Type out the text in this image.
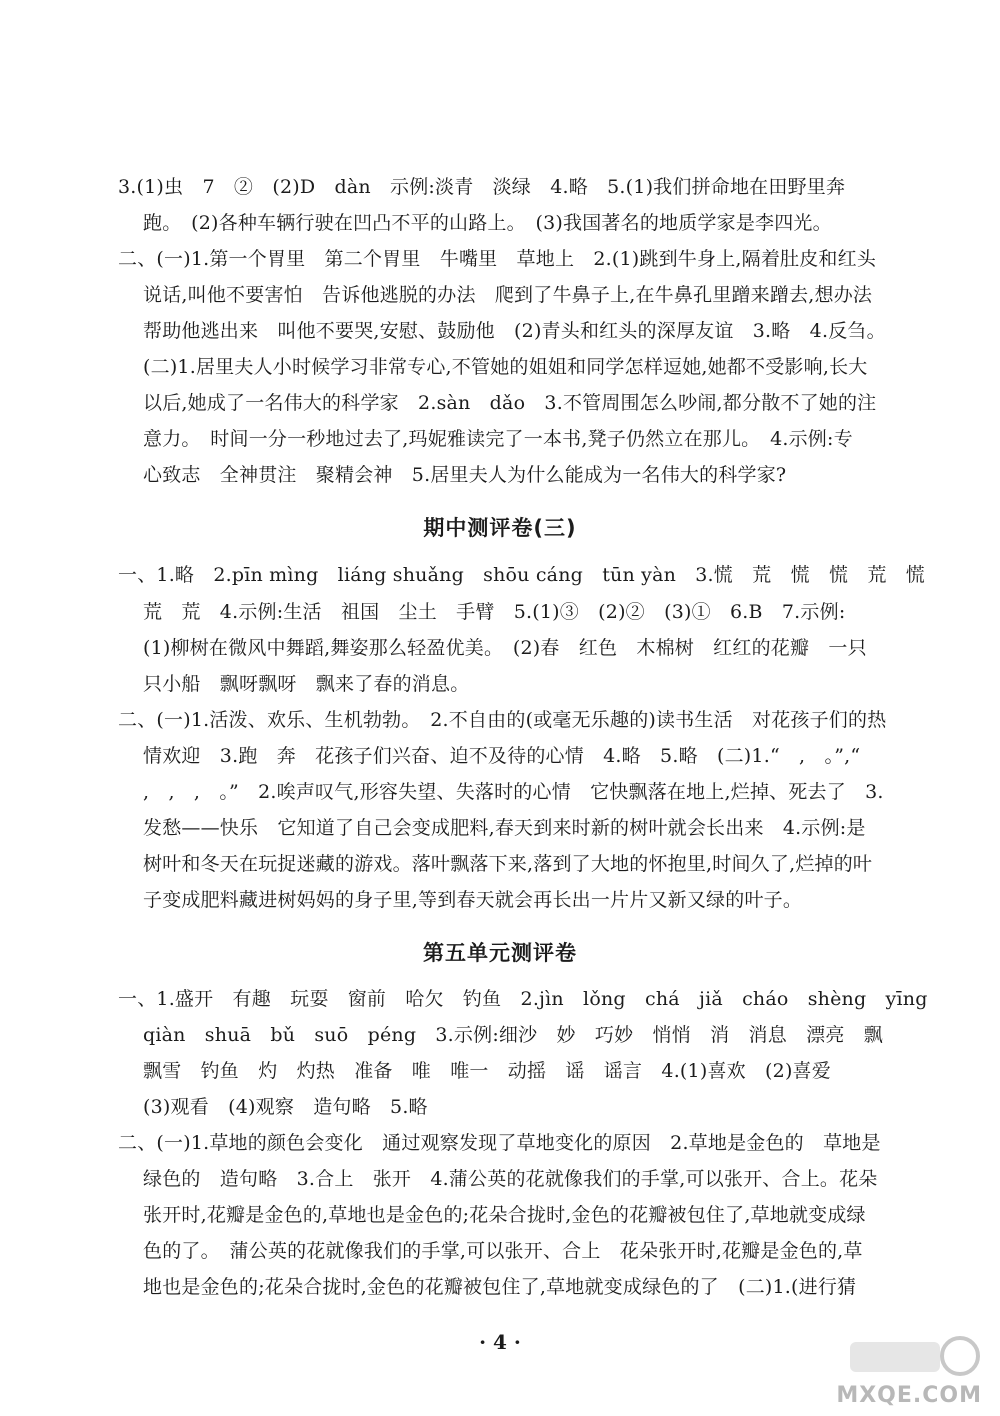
3.(1)虫　7　②　(2)D　dàn　示例:淡青　淡绿　4.略　5.(1)我们拼命地在田野里奔
跑。　(2)各种车辆行驶在凹凸不平的山路上。　(3)我国著名的地质学家是李四光。
二、(一)1.第一个胃里　第二个胃里　牛嘴里　草地上　2.(1)跳到牛身上,隔着肚皮和红头
说话,叫他不要害怕　告诉他逃脱的办法　爬到了牛鼻子上,在牛鼻孔里蹭来蹭去,想办法
帮助他逃出来　叫他不要哭,安慰、鼓励他　(2)青头和红头的深厚友谊　3.略　4.反刍。
(二)1.居里夫人小时候学习非常专心,不管她的姐姐和同学怎样逗她,她都不受影响,长大
以后,她成了一名伟大的科学家　2.sàn　dǎo　3.不管周围怎么吵闹,都分散不了她的注
意力。　时间一分一秒地过去了,玛妮雅读完了一本书,凳子仍然立在那儿。　4.示例:专
心致志　全神贯注　聚精会神　5.居里夫人为什么能成为一名伟大的科学家?
期中测评卷(三)
一、1.略　2.pīn mìng　liáng shuǎng　shōu cáng　tūn yàn　3.慌　荒　慌　慌　荒　慌
荒　荒　4.示例:生活　祖国　尘土　手臂　5.(1)③　(2)②　(3)①　6.B　7.示例:
(1)柳树在微风中舞蹈,舞姿那么轻盈优美。　(2)春　红色　木棉树　红红的花瓣　一只
只小船　飘呀飘呀　飘来了春的消息。
二、(一)1.活泼、欢乐、生机勃勃。　2.不自由的(或毫无乐趣的)读书生活　对花孩子们的热
情欢迎　3.跑　奔　花孩子们兴奋、迫不及待的心情　4.略　5.略　(二)1.“　,　。”,“
,　,　,　。”　2.唉声叹气,形容失望、失落时的心情　它快飘落在地上,烂掉、死去了　3.
发愁——快乐　它知道了自己会变成肥料,春天到来时新的树叶就会长出来　4.示例:是
树叶和冬天在玩捉迷藏的游戏。落叶飘落下来,落到了大地的怀抱里,时间久了,烂掉的叶
子变成肥料藏进树妈妈的身子里,等到春天就会再长出一片片又新又绿的叶子。
第五单元测评卷
一、1.盛开　有趣　玩耍　窗前　哈欠　钓鱼　2.jìn　lǒng　chá　jiǎ　cháo　shèng　yīng
qiàn　shuā　bǔ　suō　péng　3.示例:细沙　妙　巧妙　悄悄　消　消息　漂亮　飘
飘雪　钓鱼　灼　灼热　准备　唯　唯一　动摇　谣　谣言　4.(1)喜欢　(2)喜爱
(3)观看　(4)观察　造句略　5.略
二、(一)1.草地的颜色会变化　通过观察发现了草地变化的原因　2.草地是金色的　草地是
绿色的　造句略　3.合上　张开　4.蒲公英的花就像我们的手掌,可以张开、合上。花朵
张开时,花瓣是金色的,草地也是金色的;花朵合拢时,金色的花瓣被包住了,草地就变成绿
色的了。　蒲公英的花就像我们的手掌,可以张开、合上　花朵张开时,花瓣是金色的,草
地也是金色的;花朵合拢时,金色的花瓣被包住了,草地就变成绿色的了　(二)1.(进行猜
· 4 ·
MXQE.COM
